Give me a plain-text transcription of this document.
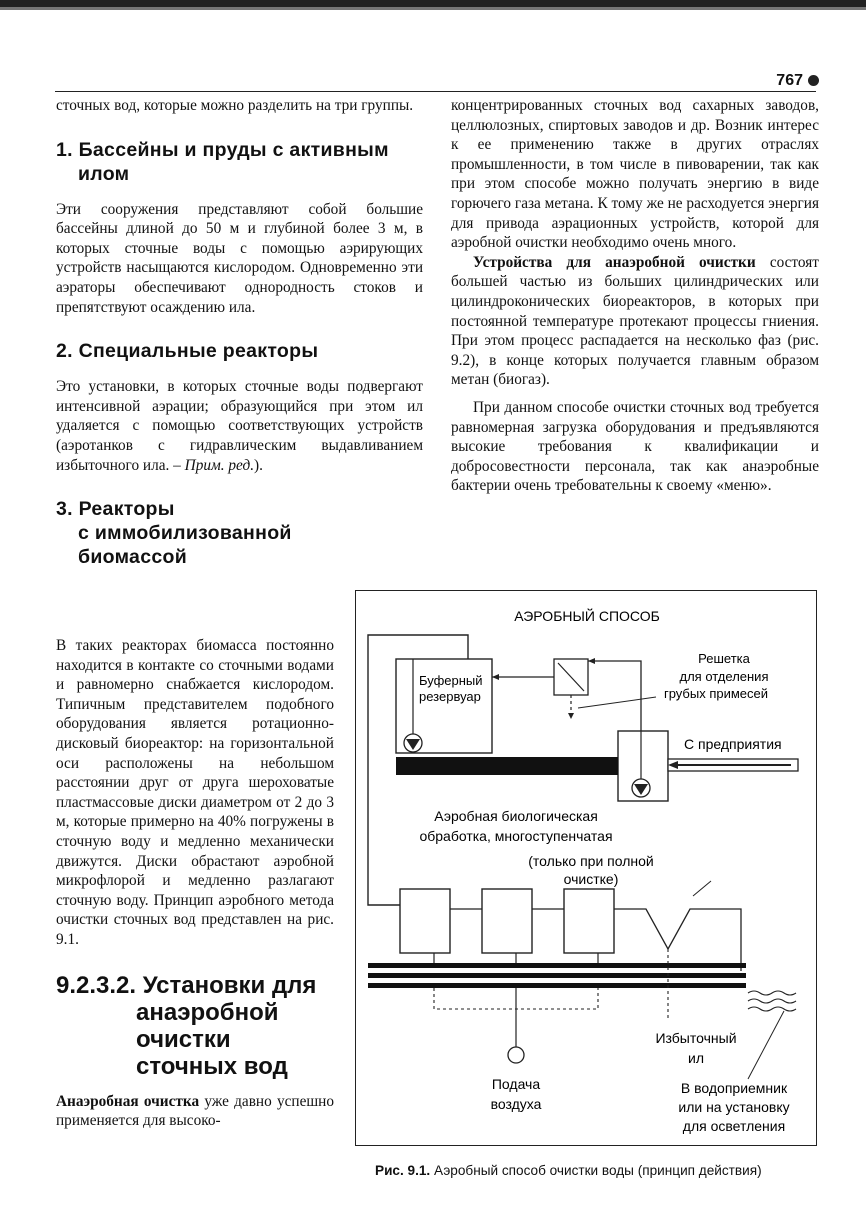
767

сточных вод, которые можно разделить на три группы.

1. Бассейны и пруды с активным
илом

Эти сооружения представляют собой большие бассейны длиной до 50 м и глубиной более 3 м, в которых сточные воды с помощью аэрирующих устройств насыщаются кислородом. Одновременно эти аэраторы обеспечивают однородность стоков и препятствуют осаждению ила.

2. Специальные реакторы

Это установки, в которых сточные воды подвергают интенсивной аэрации; образующийся при этом ил удаляется с помощью соответствующих устройств (аэротанков с гидравлическим выдавливанием избыточного ила. – Прим. ред.).

3. Реакторы
с иммобилизованной
биомассой

В таких реакторах биомасса постоянно находится в контакте со сточными водами и равномерно снабжается кислородом. Типичным представителем подобного оборудования является ротационно-дисковый биореактор: на горизонтальной оси расположены на небольшом расстоянии друг от друга шероховатые пластмассовые диски диаметром от 2 до 3 м, которые примерно на 40% погружены в сточную воду и медленно механически движутся. Диски обрастают аэробной микрофлорой и медленно разлагают сточную воду. Принцип аэробного метода очистки сточных вод представлен на рис. 9.1.

9.2.3.2. Установки для
анаэробной
очистки
сточных вод

Анаэробная очистка уже давно успешно применяется для высоко-

концентрированных сточных вод сахарных заводов, целлюлозных, спиртовых заводов и др. Возник интерес к ее применению также в других отраслях промышленности, в том числе в пивоварении, так как при этом способе можно получать энергию в виде горючего газа метана. К тому же не расходуется энергия для привода аэрационных устройств, которой для аэробной очистки необходимо очень много.

Устройства для анаэробной очистки состоят большей частью из больших цилиндрических или цилиндроконических биореакторов, в которых при постоянной температуре протекают процессы гниения. При этом процесс распадается на несколько фаз (рис. 9.2), в конце которых получается главным образом метан (биогаз).

При данном способе очистки сточных вод требуется равномерная загрузка оборудования и предъявляются высокие требования к квалификации и добросовестности персонала, так как анаэробные бактерии очень требовательны к своему «меню».

АЭРОБНЫЙ СПОСОБ
Буферный
резервуар
Решетка
для отделения
грубых примесей
С предприятия
Аэробная биологическая
обработка, многоступенчатая
(только при полной
очистке)
Подача
воздуха
Избыточный
ил
В водоприемник
или на установку
для осветления
Рис. 9.1. Аэробный способ очистки воды (принцип действия)
